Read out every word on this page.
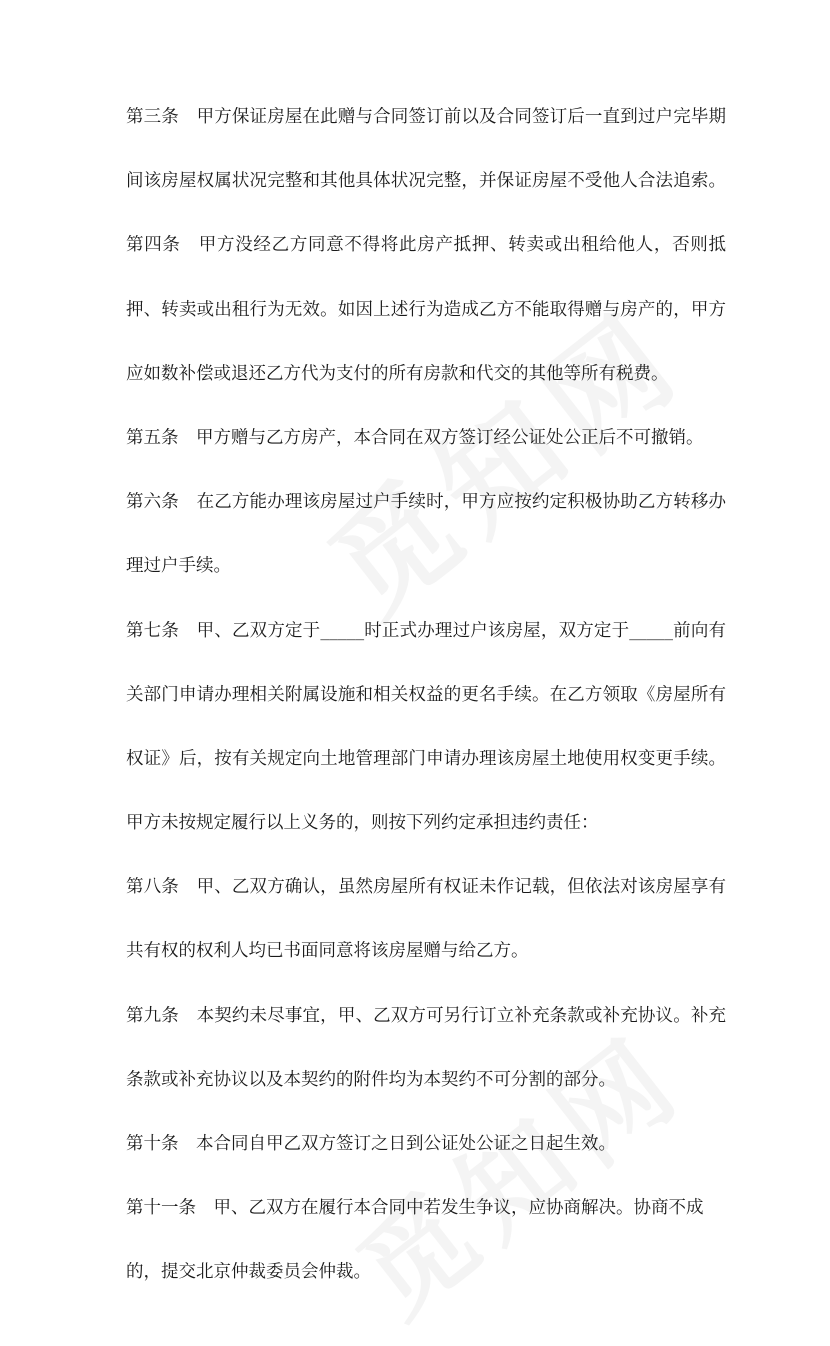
第三条　甲方保证房屋在此赠与合同签订前以及合同签订后一直到过户完毕期
间该房屋权属状况完整和其他具体状况完整，并保证房屋不受他人合法追索。
第四条　甲方没经乙方同意不得将此房产抵押、转卖或出租给他人，否则抵
押、转卖或出租行为无效。如因上述行为造成乙方不能取得赠与房产的，甲方
应如数补偿或退还乙方代为支付的所有房款和代交的其他等所有税费。
第五条　甲方赠与乙方房产，本合同在双方签订经公证处公正后不可撤销。
第六条　在乙方能办理该房屋过户手续时，甲方应按约定积极协助乙方转移办
理过户手续。
第七条　甲、乙双方定于_____时正式办理过户该房屋，双方定于_____前向有
关部门申请办理相关附属设施和相关权益的更名手续。在乙方领取《房屋所有
权证》后，按有关规定向土地管理部门申请办理该房屋土地使用权变更手续。
甲方未按规定履行以上义务的，则按下列约定承担违约责任：
第八条　甲、乙双方确认，虽然房屋所有权证未作记载，但依法对该房屋享有
共有权的权利人均已书面同意将该房屋赠与给乙方。
第九条　本契约未尽事宜，甲、乙双方可另行订立补充条款或补充协议。补充
条款或补充协议以及本契约的附件均为本契约不可分割的部分。
第十条　本合同自甲乙双方签订之日到公证处公证之日起生效。
第十一条　甲、乙双方在履行本合同中若发生争议，应协商解决。协商不成
的，提交北京仲裁委员会仲裁。
